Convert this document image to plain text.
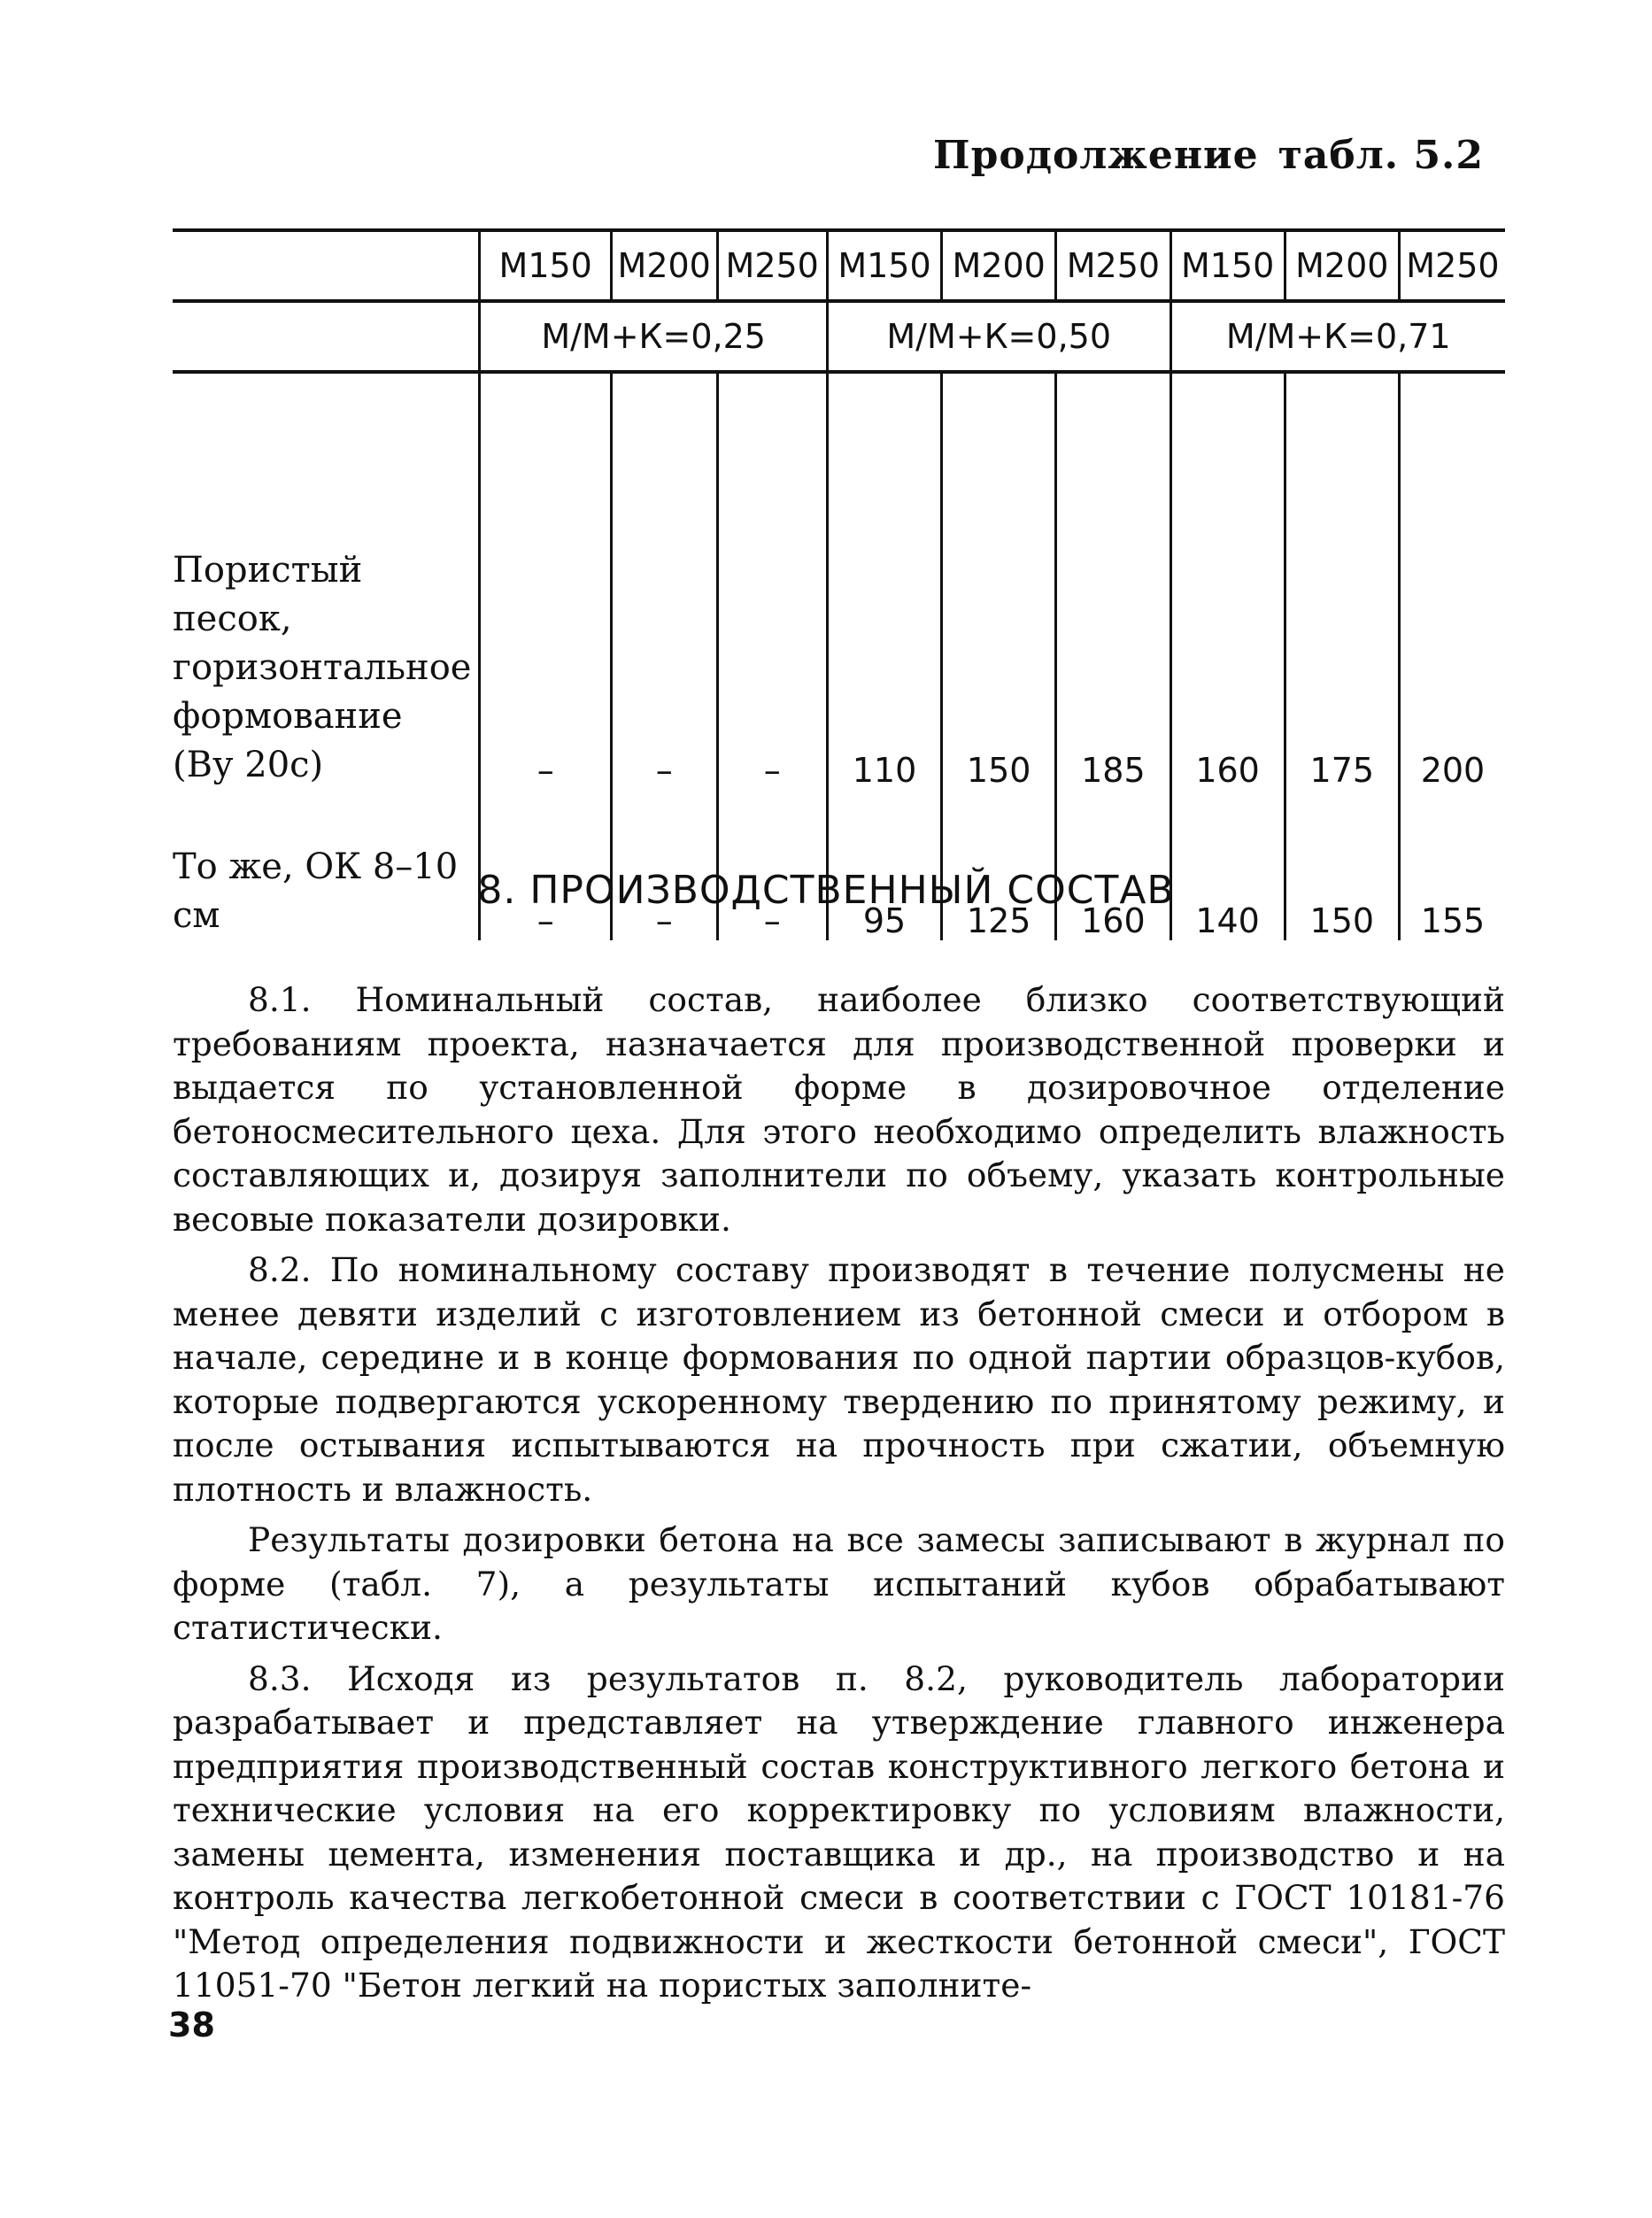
Продолжение табл. 5.2
	М150	М200	М250	М150	М200	М250	М150	М200	М250
	М/М+К=0,25			М/М+К=0,50			М/М+К=0,71		
Пористый песок, горизонтальное формование (Ву 20с)	–	–	–	110	150	185	160	175	200
То же, ОК 8–10 см	–	–	–	95	125	160	140	150	155
8. ПРОИЗВОДСТВЕННЫЙ СОСТАВ

8.1. Номинальный состав, наиболее близко соответствующий требованиям проекта, назначается для производственной проверки и выдается по установленной форме в дозировочное отделение бетоносмесительного цеха. Для этого необходимо определить влажность составляющих и, дозируя заполнители по объему, указать контрольные весовые показатели дозировки.

8.2. По номинальному составу производят в течение полусмены не менее девяти изделий с изготовлением из бетонной смеси и отбором в начале, середине и в конце формования по одной партии образцов-кубов, которые подвергаются ускоренному твердению по принятому режиму, и после остывания испытываются на прочность при сжатии, объемную плотность и влажность.

Результаты дозировки бетона на все замесы записывают в журнал по форме (табл. 7), а результаты испытаний кубов обрабатывают статистически.

8.3. Исходя из результатов п. 8.2, руководитель лаборатории разрабатывает и представляет на утверждение главного инженера предприятия производственный состав конструктивного легкого бетона и технические условия на его корректировку по условиям влажности, замены цемента, изменения поставщика и др., на производство и на контроль качества легкобетонной смеси в соответствии с ГОСТ 10181-76 "Метод определения подвижности и жесткости бетонной смеси", ГОСТ 11051-70 "Бетон легкий на пористых заполните-

38
